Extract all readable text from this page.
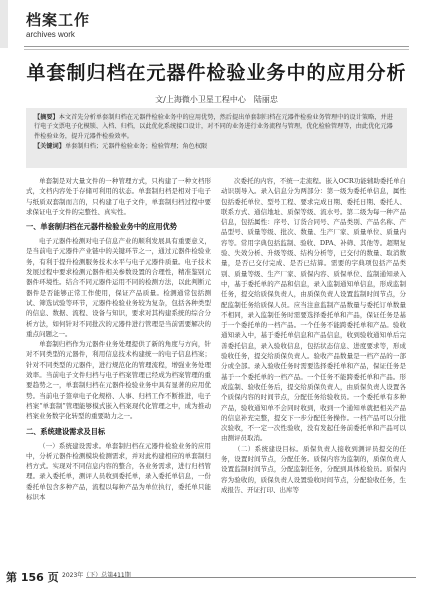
档案工作
archives work
单套制归档在元器件检验业务中的应用分析
文/上海微小卫星工程中心　陆丽忠

【摘要】本文首先分析单套制归档在元器件检验业务中的应用优势，然后提出单套制归档在元器件检验业务管理中的设计策略，并进行电子文票电子化模锁、入档、归档，以此优化系统接口设计，对不同的业务进行业务流程与管理，优化检验管理等，由此优化元器件检验业务，提升元器件检验效率。

【关键词】单套制归档；元器件检验业务；检验管理；角色权限

单套制是对大量文件的一种管理方式，只构建了一种文档形式，文档内容处于存储可利用的状态。单套制归档是相对于电子与纸质双套制而言的，只构建了电子文件，单套制归档过程中要求保证电子文件的完整性、真实性。

一、单套制归档在元器件检验业务中的应用优势

电子元器件检测对电子信息产业的顺利发展具有重要意义，是当前电子元器件产业链中的关键环节之一，通过元器件检验业务，有利于提升检测服务技术水平与电子元器件质量。电子技术发展过程中要求检测元器件相关参数设置的合理性，精准鉴别元器件环境性。结合不同元器件运用不同的检测方法，以此判断元器件是否能够正常工作使用，保证产品质量。检测通常包括测试、筛选试验等环节，元器件检验业务较为复杂，包括各种类型的信息、数据、流程、设备与知识，要求对其构建系统的综合分析方法，如何针对不同批次的元器件进行管理是当前需要解决的重点问题之一。

单套制归档作为元器件业务处理提供了新的角度与方向，针对不同类型的元器件，利用信息技术构建统一的电子信息档案；针对不同类型的元器件，进行规范化的管理流程，增强业务处理效率。当前电子文件归档与电子档案管理已经成为档案管理的重要趋势之一，单套制归档在元器件检验业务中具有显著的应用优势。当前电子签章电子化规格、人事、归档工作不断推进，电子档案“单套制”管理能够模式嵌入档案现代化管理之中，成为推动档案业务数字化转型的重要助力之一。

二、系统建设需求及目标

（一）系统建设需求。单套制归档在元器件检验业务的应用中，分析元器件检测模块检测需求，并对此构建相应的单套制归档方式。实现对不同信息内容的整合，各业务需求，进行归档管理。录入委托单，测评人员收到委托单，录入委托单信息，一份委托单包含多种产品，流程以每种产品为单位执行，委托单只能标识本

次委托的内容，不统一走流程。嵌入OCR功能辅助委托单自动识别导入。录入信息分为两部分：第一级为委托单信息，属性包括委托单位、型号工程、要求完成日期、委托日期、委托人、联系方式、通信地址、质保等级、流水号。第二级为每一种产品信息，包括属性：序号、订货合同号、产品类别、产品名称、产品型号、质量等级、批次、数量、生产厂家、质量单位、质量内容等。常用字典包括监制、验收、DPA、补筛、其他等。超期复验、失效分析、升级等级、结构分析等，已交付的数量、取消数量，是否已交付完成、是否已结算。需要的字典项包括产品类别、质量等级、生产厂家、质保内容、质保单位、监制通知录入中，基于委托单的产品和信息，录入监制通知单信息，形成监制任务，提交给质保负责人，由质保负责人设置监制时间节点，分配监制任务给质保人员。应当注意监制产品数量与委托订单数量不相同，录入监制任务时需要选择委托单和产品，保证任务是基于一个委托单的一档产品。一个任务不能跨委托单和产品。验收通知录入中，基于委托单信息和产品信息，收到验收通知单后完善委托信息，录入验收信息，包括状态信息、进度要求等，形成验收任务，提交给质保负责人。验收产品数量是一档产品的一部分或全部。录入验收任务时需要选择委托单和产品，保证任务是基于一个委托单的一档产品。一个任务不能跨委托单和产品。形成监制、验收任务后，提交给质保负责人，由质保负责人设置各个质保内容的时间节点，分配任务给验收员。一个委托单有多种产品，验收通知单不会同时收到，收到一个通知单就把相关产品的信息补充完整，提交下一步分配任务操作。一档产品可以分批次验收，不一定一次性验收，没有发起任务前委托单和产品可以由测评员取消。

（二）系统建设目标。质保负责人接收到测评员提交的任务，设置时间节点，分配任务。质保内容为监制的，质保负责人设置监制时间节点，分配监制任务，分配到具体检验员。质保内容为验收的，质保负责人设置验收时间节点，分配验收任务，生成报告、开证打印、出库等

第 156 页 2023年（下）总第411期
